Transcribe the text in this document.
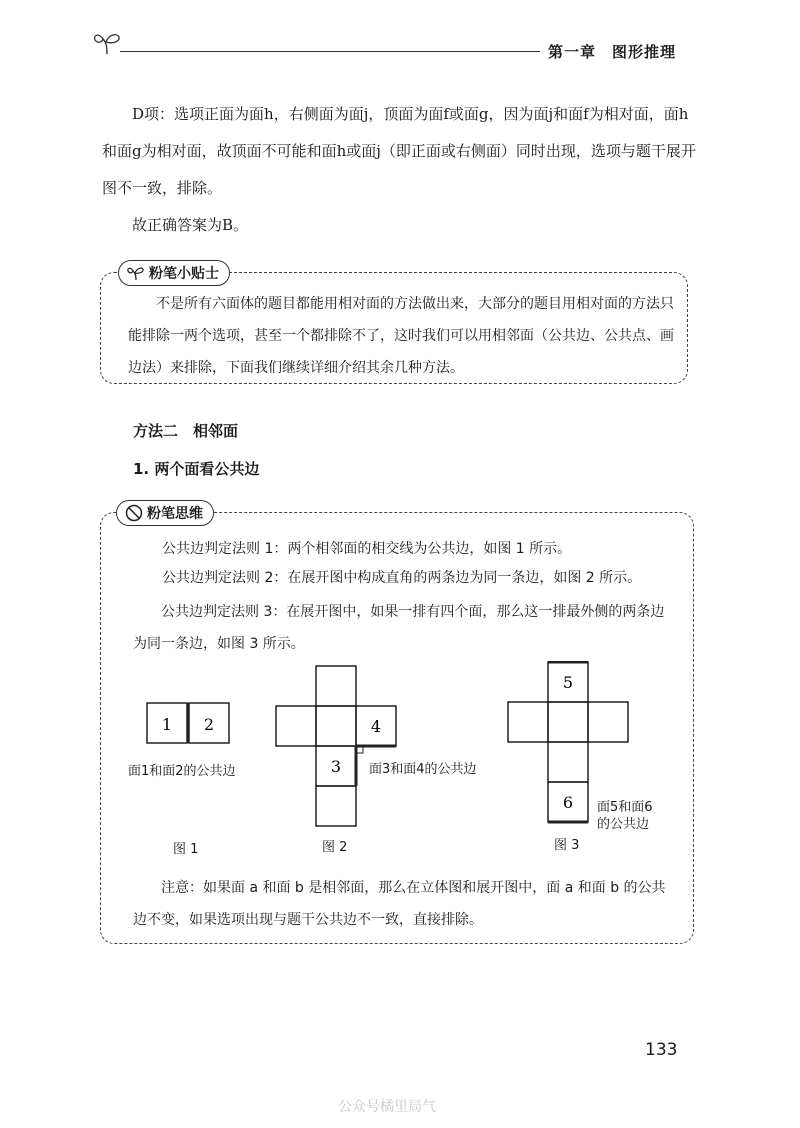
第一章　图形推理
D项：选项正面为面h，右侧面为面j，顶面为面f或面g，因为面j和面f为相对面，面h和面g为相对面，故顶面不可能和面h或面j（即正面或右侧面）同时出现，选项与题干展开图不一致，排除。
故正确答案为B。
粉笔小贴士
不是所有六面体的题目都能用相对面的方法做出来，大部分的题目用相对面的方法只能排除一两个选项，甚至一个都排除不了，这时我们可以用相邻面（公共边、公共点、画边法）来排除，下面我们继续详细介绍其余几种方法。
方法二　相邻面
1. 两个面看公共边
粉笔思维
公共边判定法则 1：两个相邻面的相交线为公共边，如图 1 所示。
公共边判定法则 2：在展开图中构成直角的两条边为同一条边，如图 2 所示。
公共边判定法则 3：在展开图中，如果一排有四个面，那么这一排最外侧的两条边为同一条边，如图 3 所示。
1 2
面1和面2的公共边
图 1
4
3 面3和面4的公共边
图 2
5
6 面5和面6
的公共边
图 3
注意：如果面 a 和面 b 是相邻面，那么在立体图和展开图中，面 a 和面 b 的公共边不变，如果选项出现与题干公共边不一致，直接排除。
133
公众号橘里局气
